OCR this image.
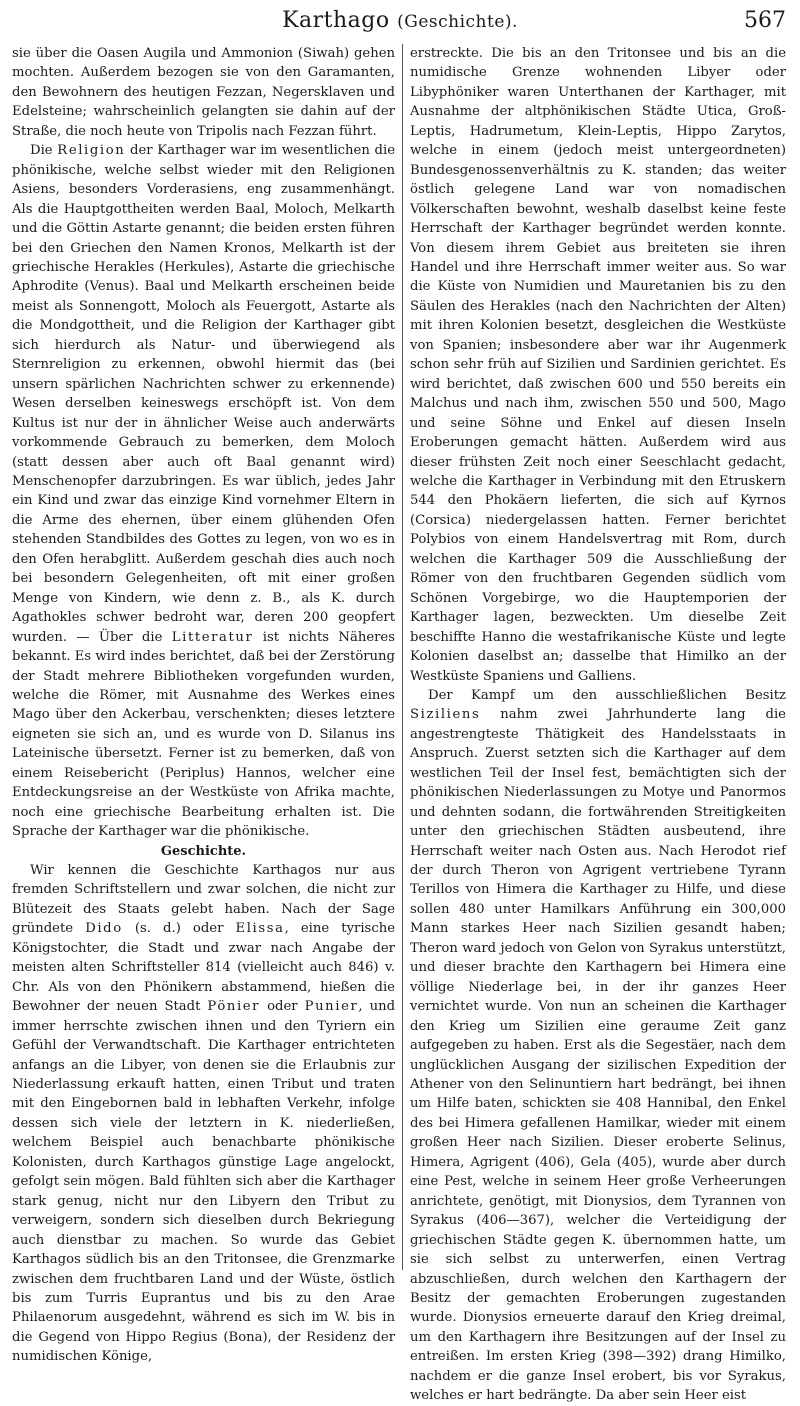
Karthago (Geschichte).	567

sie über die Oasen Augila und Ammonion (Siwah) gehen mochten. Außerdem bezogen sie von den Garamanten, den Bewohnern des heutigen Fezzan, Negersklaven und Edelsteine; wahrscheinlich gelangten sie dahin auf der Straße, die noch heute von Tripolis nach Fezzan führt.

Die Religion der Karthager war im wesentlichen die phönikische, welche selbst wieder mit den Religionen Asiens, besonders Vorderasiens, eng zusammenhängt. Als die Hauptgottheiten werden Baal, Moloch, Melkarth und die Göttin Astarte genannt; die beiden ersten führen bei den Griechen den Namen Kronos, Melkarth ist der griechische Herakles (Herkules), Astarte die griechische Aphrodite (Venus). Baal und Melkarth erscheinen beide meist als Sonnengott, Moloch als Feuergott, Astarte als die Mondgottheit, und die Religion der Karthager gibt sich hierdurch als Natur- und überwiegend als Sternreligion zu erkennen, obwohl hiermit das (bei unsern spärlichen Nachrichten schwer zu erkennende) Wesen derselben keineswegs erschöpft ist. Von dem Kultus ist nur der in ähnlicher Weise auch anderwärts vorkommende Gebrauch zu bemerken, dem Moloch (statt dessen aber auch oft Baal genannt wird) Menschenopfer darzubringen. Es war üblich, jedes Jahr ein Kind und zwar das einzige Kind vornehmer Eltern in die Arme des ehernen, über einem glühenden Ofen stehenden Standbildes des Gottes zu legen, von wo es in den Ofen herabglitt. Außerdem geschah dies auch noch bei besondern Gelegenheiten, oft mit einer großen Menge von Kindern, wie denn z. B., als K. durch Agathokles schwer bedroht war, deren 200 geopfert wurden. — Über die Litteratur ist nichts Näheres bekannt. Es wird indes berichtet, daß bei der Zerstörung der Stadt mehrere Bibliotheken vorgefunden wurden, welche die Römer, mit Ausnahme des Werkes eines Mago über den Ackerbau, verschenkten; dieses letztere eigneten sie sich an, und es wurde von D. Silanus ins Lateinische übersetzt. Ferner ist zu bemerken, daß von einem Reisebericht (Periplus) Hannos, welcher eine Entdeckungsreise an der Westküste von Afrika machte, noch eine griechische Bearbeitung erhalten ist. Die Sprache der Karthager war die phönikische.

Geschichte.

Wir kennen die Geschichte Karthagos nur aus fremden Schriftstellern und zwar solchen, die nicht zur Blütezeit des Staats gelebt haben. Nach der Sage gründete Dido (s. d.) oder Elissa, eine tyrische Königstochter, die Stadt und zwar nach Angabe der meisten alten Schriftsteller 814 (vielleicht auch 846) v. Chr. Als von den Phönikern abstammend, hießen die Bewohner der neuen Stadt Pönier oder Punier, und immer herrschte zwischen ihnen und den Tyriern ein Gefühl der Verwandtschaft. Die Karthager entrichteten anfangs an die Libyer, von denen sie die Erlaubnis zur Niederlassung erkauft hatten, einen Tribut und traten mit den Eingebornen bald in lebhaften Verkehr, infolge dessen sich viele der letztern in K. niederließen, welchem Beispiel auch benachbarte phönikische Kolonisten, durch Karthagos günstige Lage angelockt, gefolgt sein mögen. Bald fühlten sich aber die Karthager stark genug, nicht nur den Libyern den Tribut zu verweigern, sondern sich dieselben durch Bekriegung auch dienstbar zu machen. So wurde das Gebiet Karthagos südlich bis an den Tritonsee, die Grenzmarke zwischen dem fruchtbaren Land und der Wüste, östlich bis zum Turris Euprantus und bis zu den Arae Philaenorum ausgedehnt, während es sich im W. bis in die Gegend von Hippo Regius (Bona), der Residenz der numidischen Könige,

erstreckte. Die bis an den Tritonsee und bis an die numidische Grenze wohnenden Libyer oder Libyphöniker waren Unterthanen der Karthager, mit Ausnahme der altphönikischen Städte Utica, Groß-Leptis, Hadrumetum, Klein-Leptis, Hippo Zarytos, welche in einem (jedoch meist untergeordneten) Bundesgenossenverhältnis zu K. standen; das weiter östlich gelegene Land war von nomadischen Völkerschaften bewohnt, weshalb daselbst keine feste Herrschaft der Karthager begründet werden konnte. Von diesem ihrem Gebiet aus breiteten sie ihren Handel und ihre Herrschaft immer weiter aus. So war die Küste von Numidien und Mauretanien bis zu den Säulen des Herakles (nach den Nachrichten der Alten) mit ihren Kolonien besetzt, desgleichen die Westküste von Spanien; insbesondere aber war ihr Augenmerk schon sehr früh auf Sizilien und Sardinien gerichtet. Es wird berichtet, daß zwischen 600 und 550 bereits ein Malchus und nach ihm, zwischen 550 und 500, Mago und seine Söhne und Enkel auf diesen Inseln Eroberungen gemacht hätten. Außerdem wird aus dieser frühsten Zeit noch einer Seeschlacht gedacht, welche die Karthager in Verbindung mit den Etruskern 544 den Phokäern lieferten, die sich auf Kyrnos (Corsica) niedergelassen hatten. Ferner berichtet Polybios von einem Handelsvertrag mit Rom, durch welchen die Karthager 509 die Ausschließung der Römer von den fruchtbaren Gegenden südlich vom Schönen Vorgebirge, wo die Hauptemporien der Karthager lagen, bezweckten. Um dieselbe Zeit beschiffte Hanno die westafrikanische Küste und legte Kolonien daselbst an; dasselbe that Himilko an der Westküste Spaniens und Galliens.

Der Kampf um den ausschließlichen Besitz Siziliens nahm zwei Jahrhunderte lang die angestrengteste Thätigkeit des Handelsstaats in Anspruch. Zuerst setzten sich die Karthager auf dem westlichen Teil der Insel fest, bemächtigten sich der phönikischen Niederlassungen zu Motye und Panormos und dehnten sodann, die fortwährenden Streitigkeiten unter den griechischen Städten ausbeutend, ihre Herrschaft weiter nach Osten aus. Nach Herodot rief der durch Theron von Agrigent vertriebene Tyrann Terillos von Himera die Karthager zu Hilfe, und diese sollen 480 unter Hamilkars Anführung ein 300,000 Mann starkes Heer nach Sizilien gesandt haben; Theron ward jedoch von Gelon von Syrakus unterstützt, und dieser brachte den Karthagern bei Himera eine völlige Niederlage bei, in der ihr ganzes Heer vernichtet wurde. Von nun an scheinen die Karthager den Krieg um Sizilien eine geraume Zeit ganz aufgegeben zu haben. Erst als die Segestäer, nach dem unglücklichen Ausgang der sizilischen Expedition der Athener von den Selinuntiern hart bedrängt, bei ihnen um Hilfe baten, schickten sie 408 Hannibal, den Enkel des bei Himera gefallenen Hamilkar, wieder mit einem großen Heer nach Sizilien. Dieser eroberte Selinus, Himera, Agrigent (406), Gela (405), wurde aber durch eine Pest, welche in seinem Heer große Verheerungen anrichtete, genötigt, mit Dionysios, dem Tyrannen von Syrakus (406—367), welcher die Verteidigung der griechischen Städte gegen K. übernommen hatte, um sie sich selbst zu unterwerfen, einen Vertrag abzuschließen, durch welchen den Karthagern der Besitz der gemachten Eroberungen zugestanden wurde. Dionysios erneuerte darauf den Krieg dreimal, um den Karthagern ihre Besitzungen auf der Insel zu entreißen. Im ersten Krieg (398—392) drang Himilko, nachdem er die ganze Insel erobert, bis vor Syrakus, welches er hart bedrängte. Da aber sein Heer eist
